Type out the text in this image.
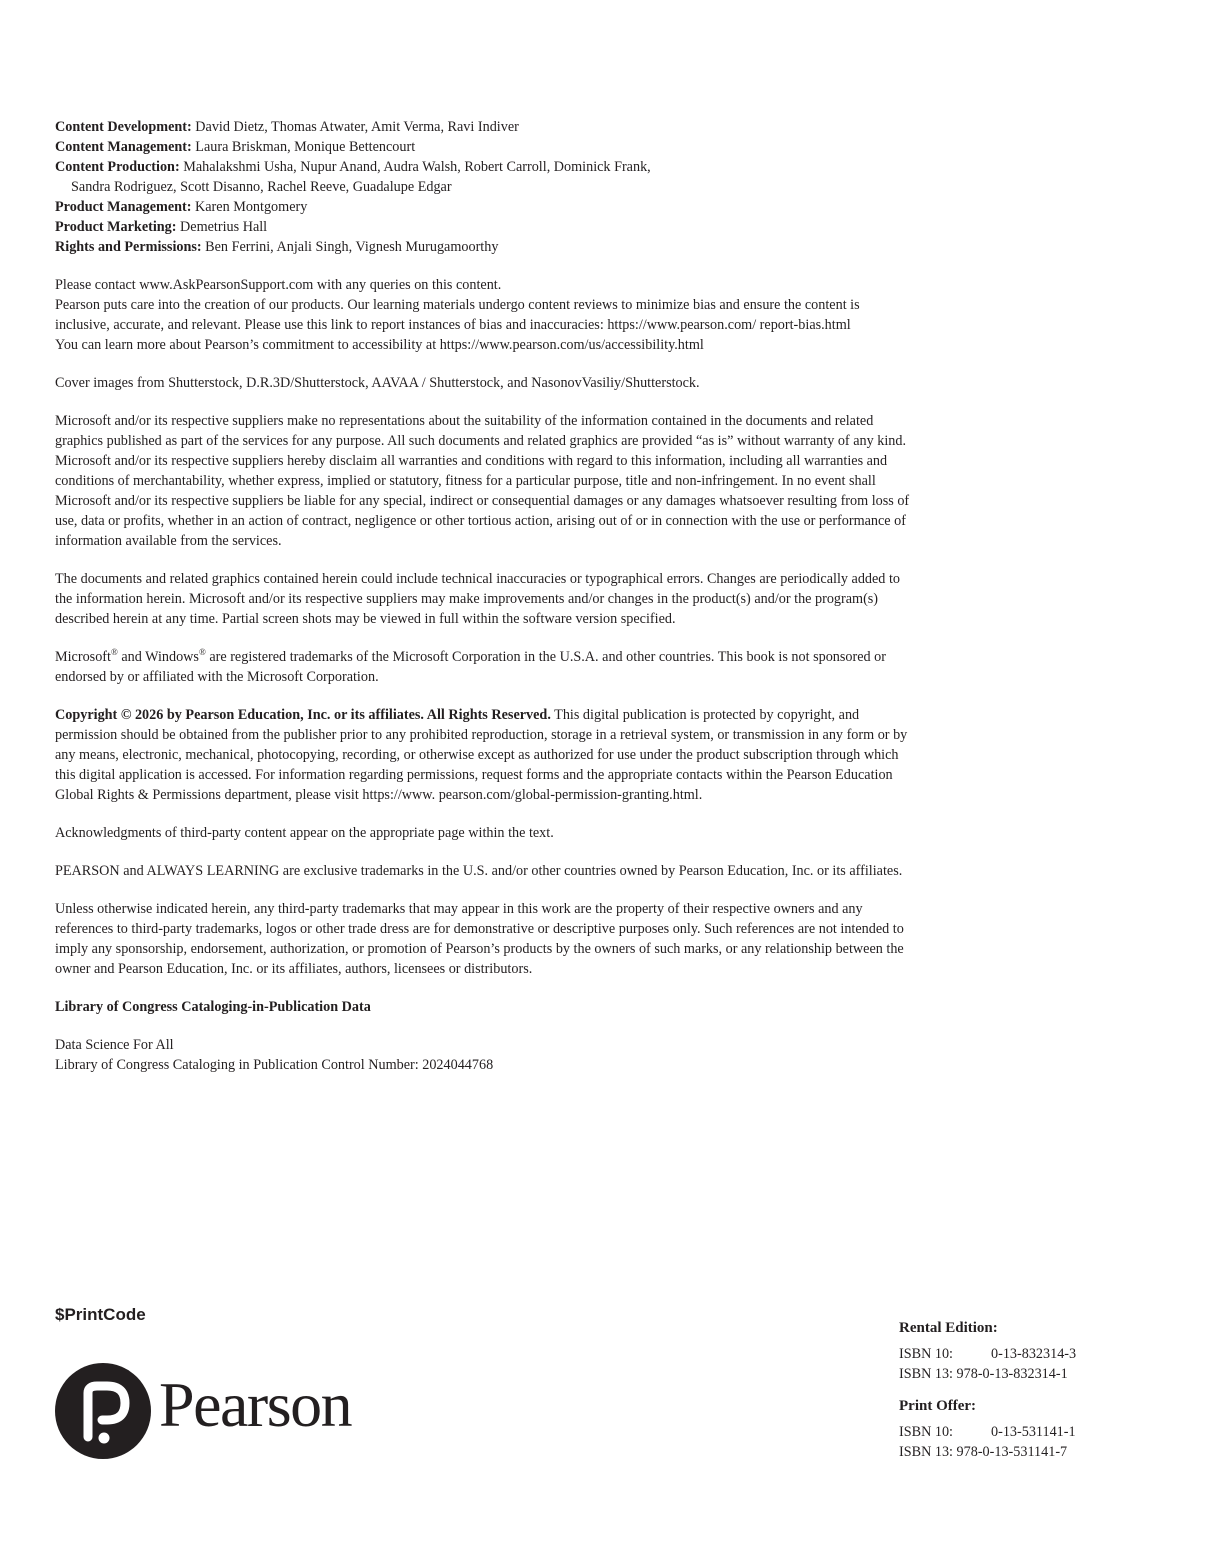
Content Development: David Dietz, Thomas Atwater, Amit Verma, Ravi Indiver

Content Management: Laura Briskman, Monique Bettencourt

Content Production: Mahalakshmi Usha, Nupur Anand, Audra Walsh, Robert Carroll, Dominick Frank,

Sandra Rodriguez, Scott Disanno, Rachel Reeve, Guadalupe Edgar

Product Management: Karen Montgomery

Product Marketing: Demetrius Hall

Rights and Permissions: Ben Ferrini, Anjali Singh, Vignesh Murugamoorthy

Please contact www.AskPearsonSupport.com with any queries on this content.
Pearson puts care into the creation of our products. Our learning materials undergo content reviews to minimize bias and ensure the content is inclusive, accurate, and relevant. Please use this link to report instances of bias and inaccuracies: https://www.pearson.com/ report-bias.html
You can learn more about Pearson’s commitment to accessibility at https://www.pearson.com/us/accessibility.html

Cover images from Shutterstock, D.R.3D/Shutterstock, AAVAA / Shutterstock, and NasonovVasiliy/Shutterstock.

Microsoft and/or its respective suppliers make no representations about the suitability of the information contained in the documents and related graphics published as part of the services for any purpose. All such documents and related graphics are provided “as is” without warranty of any kind. Microsoft and/or its respective suppliers hereby disclaim all warranties and conditions with regard to this information, including all warranties and conditions of merchantability, whether express, implied or statutory, fitness for a particular purpose, title and non-infringement. In no event shall Microsoft and/or its respective suppliers be liable for any special, indirect or consequential damages or any damages whatsoever resulting from loss of use, data or profits, whether in an action of contract, negligence or other tortious action, arising out of or in connection with the use or performance of information available from the services.

The documents and related graphics contained herein could include technical inaccuracies or typographical errors. Changes are periodically added to the information herein. Microsoft and/or its respective suppliers may make improvements and/or changes in the product(s) and/or the program(s) described herein at any time. Partial screen shots may be viewed in full within the software version specified.

Microsoft® and Windows® are registered trademarks of the Microsoft Corporation in the U.S.A. and other countries. This book is not sponsored or endorsed by or affiliated with the Microsoft Corporation.

Copyright © 2026 by Pearson Education, Inc. or its affiliates. All Rights Reserved. This digital publication is protected by copyright, and permission should be obtained from the publisher prior to any prohibited reproduction, storage in a retrieval system, or transmission in any form or by any means, electronic, mechanical, photocopying, recording, or otherwise except as authorized for use under the product subscription through which this digital application is accessed. For information regarding permissions, request forms and the appropriate contacts within the Pearson Education Global Rights & Permissions department, please visit https://www. pearson.com/global-permission-granting.html.

Acknowledgments of third-party content appear on the appropriate page within the text.

PEARSON and ALWAYS LEARNING are exclusive trademarks in the U.S. and/or other countries owned by Pearson Education, Inc. or its affiliates.

Unless otherwise indicated herein, any third-party trademarks that may appear in this work are the property of their respective owners and any references to third-party trademarks, logos or other trade dress are for demonstrative or descriptive purposes only. Such references are not intended to imply any sponsorship, endorsement, authorization, or promotion of Pearson’s products by the owners of such marks, or any relationship between the owner and Pearson Education, Inc. or its affiliates, authors, licensees or distributors.

Library of Congress Cataloging-in-Publication Data

Data Science For All
Library of Congress Cataloging in Publication Control Number: 2024044768
$PrintCode
Pearson

Rental Edition:

ISBN 10:	0-13-832314-3

ISBN 13:
978-0-13-832314-1

Print Offer:

ISBN 10:	0-13-531141-1

ISBN 13:
978-0-13-531141-7
